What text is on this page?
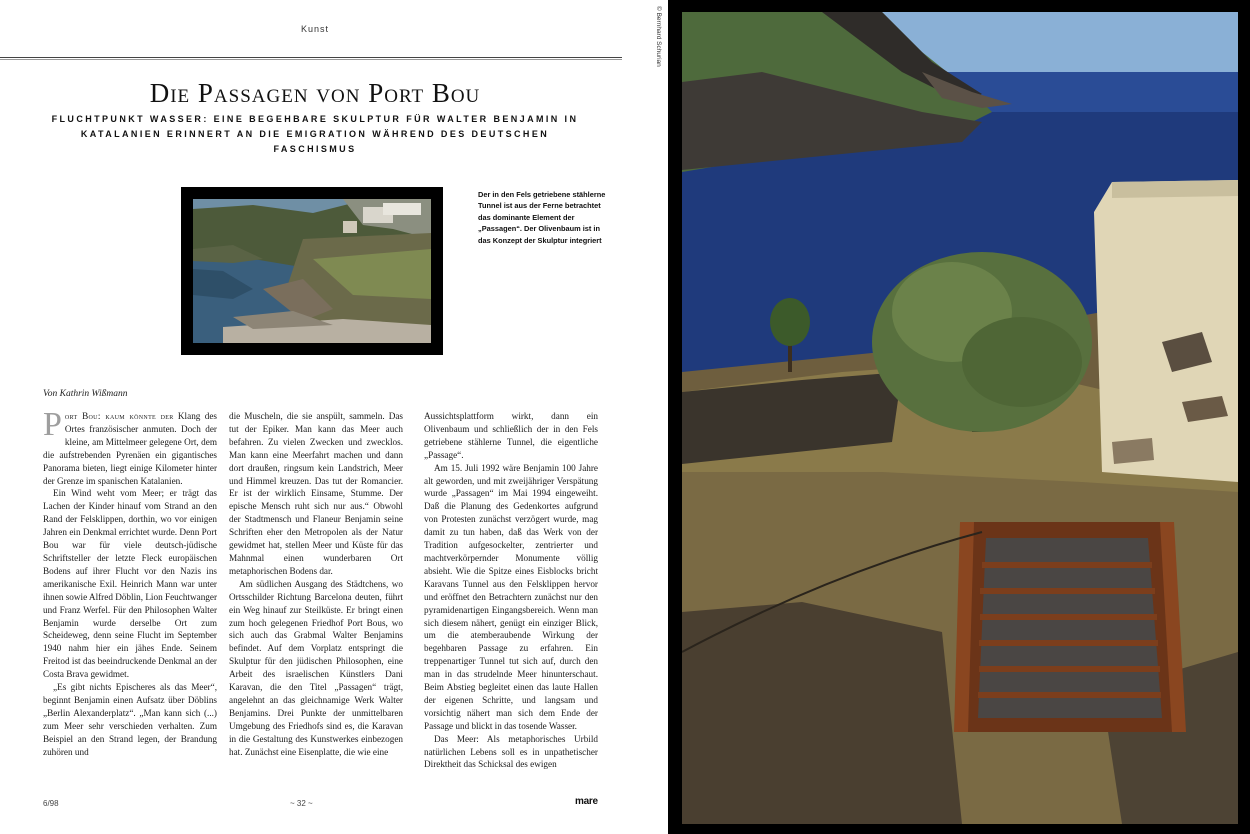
Kunst
Die Passagen von Port Bou
FLUCHTPUNKT WASSER: EINE BEGEHBARE SKULPTUR FÜR WALTER BENJAMIN IN KATALANIEN ERINNERT AN DIE EMIGRATION WÄHREND DES DEUTSCHEN FASCHISMUS
Der in den Fels getriebene stählerne Tunnel ist aus der Ferne betrachtet das dominante Element der „Passagen“. Der Olivenbaum ist in das Konzept der Skulptur integriert
Von Kathrin Wißmann

Port Bou: kaum könnte der Klang des Ortes französischer anmuten. Doch der kleine, am Mittelmeer gelegene Ort, dem die aufstrebenden Pyrenäen ein gigantisches Panorama bieten, liegt einige Kilometer hinter der Grenze im spanischen Katalanien.

Ein Wind weht vom Meer; er trägt das Lachen der Kinder hinauf vom Strand an den Rand der Felsklippen, dorthin, wo vor einigen Jahren ein Denkmal errichtet wurde. Denn Port Bou war für viele deutsch-jüdische Schriftsteller der letzte Fleck europäischen Bodens auf ihrer Flucht vor den Nazis ins amerikanische Exil. Heinrich Mann war unter ihnen sowie Alfred Döblin, Lion Feuchtwanger und Franz Werfel. Für den Philosophen Walter Benjamin wurde derselbe Ort zum Scheideweg, denn seine Flucht im September 1940 nahm hier ein jähes Ende. Seinem Freitod ist das beeindruckende Denkmal an der Costa Brava gewidmet.

„Es gibt nichts Epischeres als das Meer“, beginnt Benjamin einen Aufsatz über Döblins „Berlin Alexanderplatz“. „Man kann sich (...) zum Meer sehr verschieden verhalten. Zum Beispiel an den Strand legen, der Brandung zuhören und

die Muscheln, die sie anspült, sammeln. Das tut der Epiker. Man kann das Meer auch befahren. Zu vielen Zwecken und zwecklos. Man kann eine Meerfahrt machen und dann dort draußen, ringsum kein Landstrich, Meer und Himmel kreuzen. Das tut der Romancier. Er ist der wirklich Einsame, Stumme. Der epische Mensch ruht sich nur aus.“ Obwohl der Stadtmensch und Flaneur Benjamin seine Schriften eher den Metropolen als der Natur gewidmet hat, stellen Meer und Küste für das Mahnmal einen wunderbaren Ort metaphorischen Bodens dar.

Am südlichen Ausgang des Städtchens, wo Ortsschilder Richtung Barcelona deuten, führt ein Weg hinauf zur Steilküste. Er bringt einen zum hoch gelegenen Friedhof Port Bous, wo sich auch das Grabmal Walter Benjamins befindet. Auf dem Vorplatz entspringt die Skulptur für den jüdischen Philosophen, eine Arbeit des israelischen Künstlers Dani Karavan, die den Titel „Passagen“ trägt, angelehnt an das gleichnamige Werk Walter Benjamins. Drei Punkte der unmittelbaren Umgebung des Friedhofs sind es, die Karavan in die Gestaltung des Kunstwerkes einbezogen hat. Zunächst eine Eisenplatte, die wie eine

Aussichtsplattform wirkt, dann ein Olivenbaum und schließlich der in den Fels getriebene stählerne Tunnel, die eigentliche „Passage“.

Am 15. Juli 1992 wäre Benjamin 100 Jahre alt geworden, und mit zweijähriger Verspätung wurde „Passagen“ im Mai 1994 eingeweiht. Daß die Planung des Gedenkortes aufgrund von Protesten zunächst verzögert wurde, mag damit zu tun haben, daß das Werk von der Tradition aufgesockelter, zentrierter und machtverkörpernder Monumente völlig absieht. Wie die Spitze eines Eisblocks bricht Karavans Tunnel aus den Felsklippen hervor und eröffnet den Betrachtern zunächst nur den pyramidenartigen Eingangsbereich. Wenn man sich diesem nähert, genügt ein einziger Blick, um die atemberaubende Wirkung der begehbaren Passage zu erfahren. Ein treppenartiger Tunnel tut sich auf, durch den man in das strudelnde Meer hinunterschaut. Beim Abstieg begleitet einen das laute Hallen der eigenen Schritte, und langsam und vorsichtig nähert man sich dem Ende der Passage und blickt in das tosende Wasser.

Das Meer: Als metaphorisches Urbild natürlichen Lebens soll es in unpathetischer Direktheit das Schicksal des ewigen

6/98	~ 32 ~	mare
© Bernhard Schurian
